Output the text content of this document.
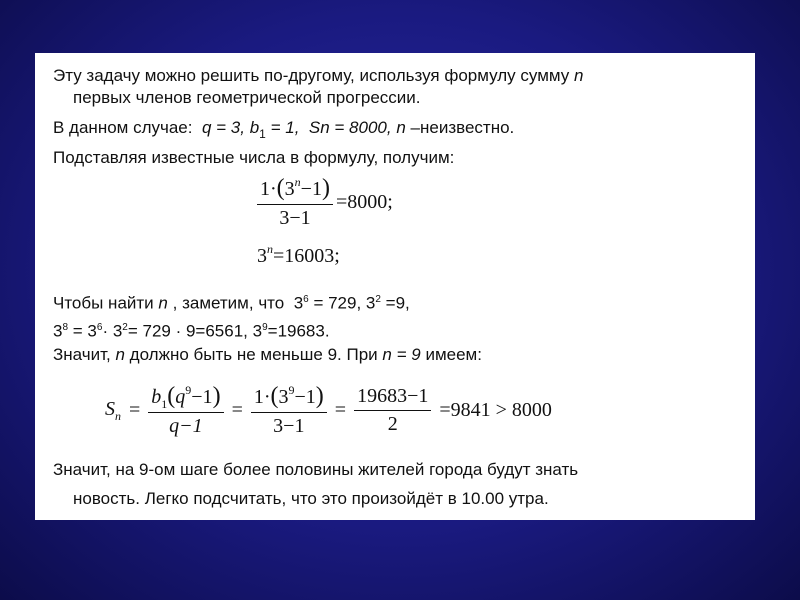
Эту задачу можно решить по-другому, используя формулу сумму n
первых членов геометрической прогрессии.
В данном случае: q = 3, $b_1 = 1$, Sn = 8000, n –неизвестно.
Подставляя известные числа в формулу, получим:
$\frac{1\cdot(3^n-1)}{3-1} =8000$;
$3^n=16003$;
Чтобы найти n , заметим, что $3^6 = 729$, $3^2 =9$,
$3^8 = 3^6\cdot 3^2= 729 \cdot 9=6561$, $3^9=19683$.
Значит, n должно быть не меньше 9. При n = 9 имеем:
$S_n = \frac{b_1(q^9-1)}{q-1} = \frac{1\cdot(3^9-1)}{3-1} = \frac{19683-1}{2} =9841 > 8000$
Значит, на 9-ом шаге более половины жителей города будут знать
новость. Легко подсчитать, что это произойдёт в 10.00 утра.
